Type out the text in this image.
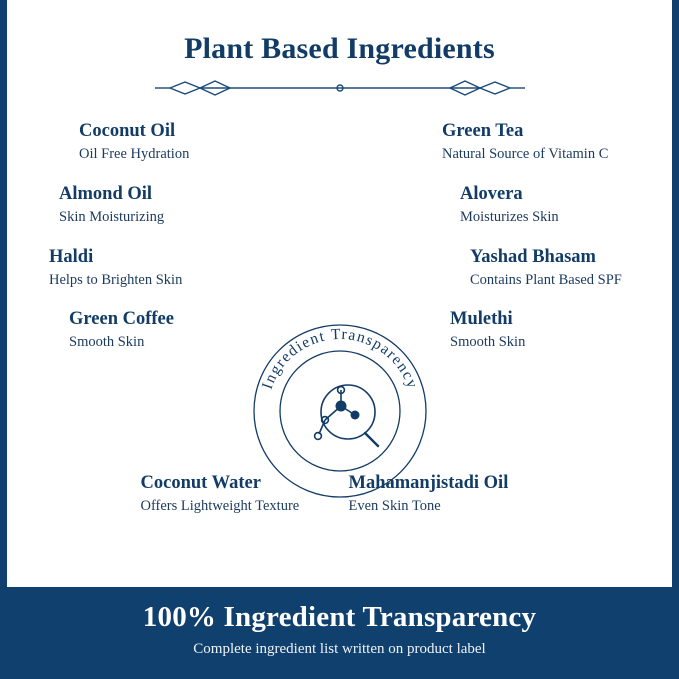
Plant Based Ingredients

Coconut Oil

Oil Free Hydration

Almond Oil

Skin Moisturizing

Haldi

Helps to Brighten Skin

Green Coffee

Smooth Skin

Green Tea

Natural Source of Vitamin C

Alovera

Moisturizes Skin

Yashad Bhasam

Contains Plant Based SPF

Mulethi

Smooth Skin

Coconut Water

Offers Lightweight Texture

Mahamanjistadi Oil

Even Skin Tone

Ingredient Transparency

100% Ingredient Transparency

Complete ingredient list written on product label
